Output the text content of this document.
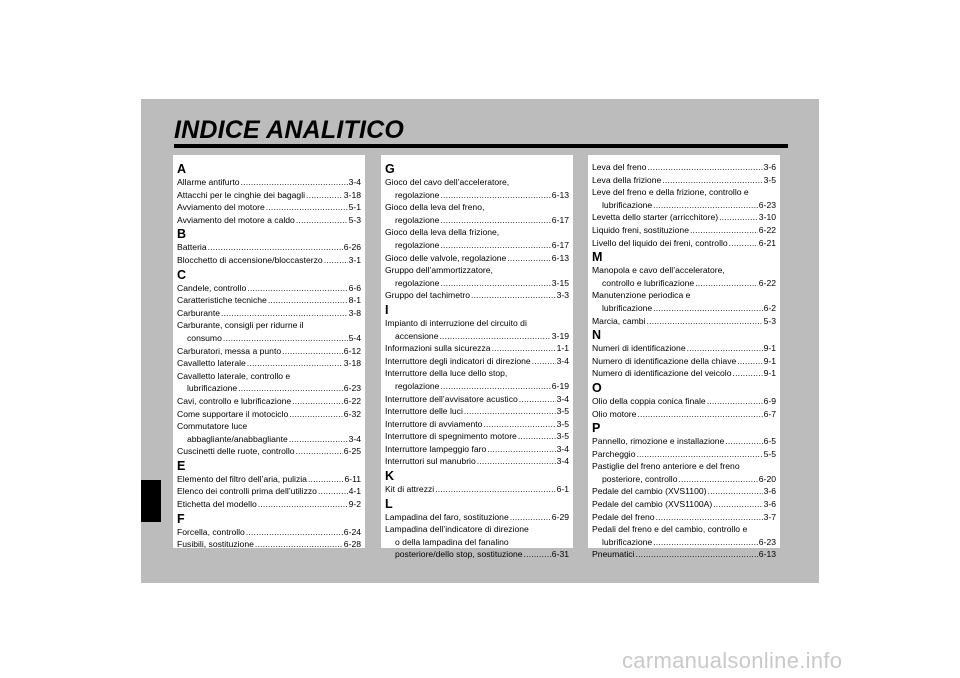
INDICE ANALITICO
A
Allarme antifurto . . .	3-4
Attacchi per le cinghie dei bagagli . . .	3-18
Avviamento del motore . . .	5-1
Avviamento del motore a caldo . . .	5-3
B
Batteria . . .	6-26
Blocchetto di accensione/bloccasterzo . . .	3-1
C
Candele, controllo . . .	6-6
Caratteristiche tecniche . . .	8-1
Carburante . . .	3-8
Carburante, consigli per ridurne il
consumo . . .	5-4
Carburatori, messa a punto . . .	6-12
Cavalletto laterale . . .	3-18
Cavalletto laterale, controllo e
lubrificazione . . .	6-23
Cavi, controllo e lubrificazione . . .	6-22
Come supportare il motociclo . . .	6-32
Commutatore luce
abbagliante/anabbagliante . . .	3-4
Cuscinetti delle ruote, controllo . . .	6-25
E
Elemento del filtro dell’aria, pulizia . . .	6-11
Elenco dei controlli prima dell’utilizzo . . .	4-1
Etichetta del modello . . .	9-2
F
Forcella, controllo . . .	6-24
Fusibili, sostituzione . . .	6-28
G
Gioco del cavo dell’acceleratore,
regolazione . . .	6-13
Gioco della leva del freno,
regolazione . . .	6-17
Gioco della leva della frizione,
regolazione . . .	6-17
Gioco delle valvole, regolazione . . .	6-13
Gruppo dell’ammortizzatore,
regolazione . . .	3-15
Gruppo del tachimetro . . .	3-3
I
Impianto di interruzione del circuito di
accensione . . .	3-19
Informazioni sulla sicurezza . . .	1-1
Interruttore degli indicatori di direzione . . .	3-4
Interruttore della luce dello stop,
regolazione . . .	6-19
Interruttore dell’avvisatore acustico . . .	3-4
Interruttore delle luci . . .	3-5
Interruttore di avviamento . . .	3-5
Interruttore di spegnimento motore . . .	3-5
Interruttore lampeggio faro . . .	3-4
Interruttori sul manubrio . . .	3-4
K
Kit di attrezzi . . .	6-1
L
Lampadina del faro, sostituzione . . .	6-29
Lampadina dell’indicatore di direzione
o della lampadina del fanalino
posteriore/dello stop, sostituzione . . .	6-31
Leva del freno . . .	3-6
Leva della frizione . . .	3-5
Leve del freno e della frizione, controllo e
lubrificazione . . .	6-23
Levetta dello starter (arricchitore) . . .	3-10
Liquido freni, sostituzione . . .	6-22
Livello del liquido dei freni, controllo . . .	6-21
M
Manopola e cavo dell’acceleratore,
controllo e lubrificazione . . .	6-22
Manutenzione periodica e
lubrificazione . . .	6-2
Marcia, cambi . . .	5-3
N
Numeri di identificazione . . .	9-1
Numero di identificazione della chiave . . .	9-1
Numero di identificazione del veicolo . . .	9-1
O
Olio della coppia conica finale . . .	6-9
Olio motore . . .	6-7
P
Pannello, rimozione e installazione . . .	6-5
Parcheggio . . .	5-5
Pastiglie del freno anteriore e del freno
posteriore, controllo . . .	6-20
Pedale del cambio (XVS1100) . . .	3-6
Pedale del cambio (XVS1100A) . . .	3-6
Pedale del freno . . .	3-7
Pedali del freno e del cambio, controllo e
lubrificazione . . .	6-23
Pneumatici . . .	6-13
carmanualsonline.info
